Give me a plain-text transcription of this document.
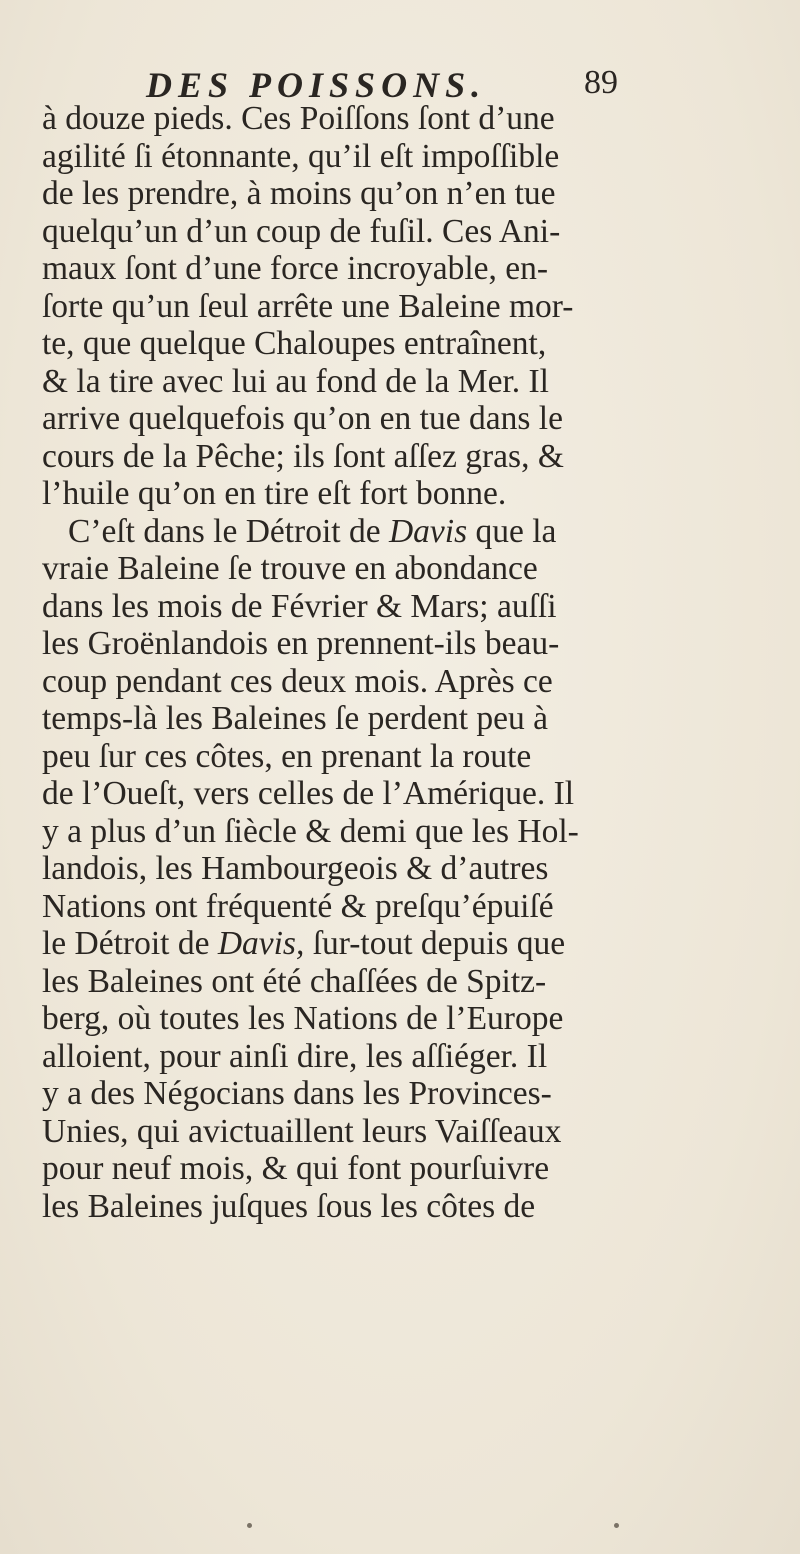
DES POISSONS.	89
à douze pieds. Ces Poiſſons ſont d’une
agilité ſi étonnante, qu’il eſt impoſſible
de les prendre, à moins qu’on n’en tue
quelqu’un d’un coup de fuſil. Ces Ani-
maux ſont d’une force incroyable, en-
ſorte qu’un ſeul arrête une Baleine mor-
te, que quelque Chaloupes entraînent,
& la tire avec lui au fond de la Mer. Il
arrive quelquefois qu’on en tue dans le
cours de la Pêche; ils ſont aſſez gras, &
l’huile qu’on en tire eſt fort bonne.
C’eſt dans le Détroit de Davis que la
vraie Baleine ſe trouve en abondance
dans les mois de Février & Mars; auſſi
les Groënlandois en prennent-ils beau-
coup pendant ces deux mois. Après ce
temps-là les Baleines ſe perdent peu à
peu ſur ces côtes, en prenant la route
de l’Oueſt, vers celles de l’Amérique. Il
y a plus d’un ſiècle & demi que les Hol-
landois, les Hambourgeois & d’autres
Nations ont fréquenté & preſqu’épuiſé
le Détroit de Davis, ſur-tout depuis que
les Baleines ont été chaſſées de Spitz-
berg, où toutes les Nations de l’Europe
alloient, pour ainſi dire, les aſſiéger. Il
y a des Négocians dans les Provinces-
Unies, qui avictuaillent leurs Vaiſſeaux
pour neuf mois, & qui font pourſuivre
les Baleines juſques ſous les côtes de
